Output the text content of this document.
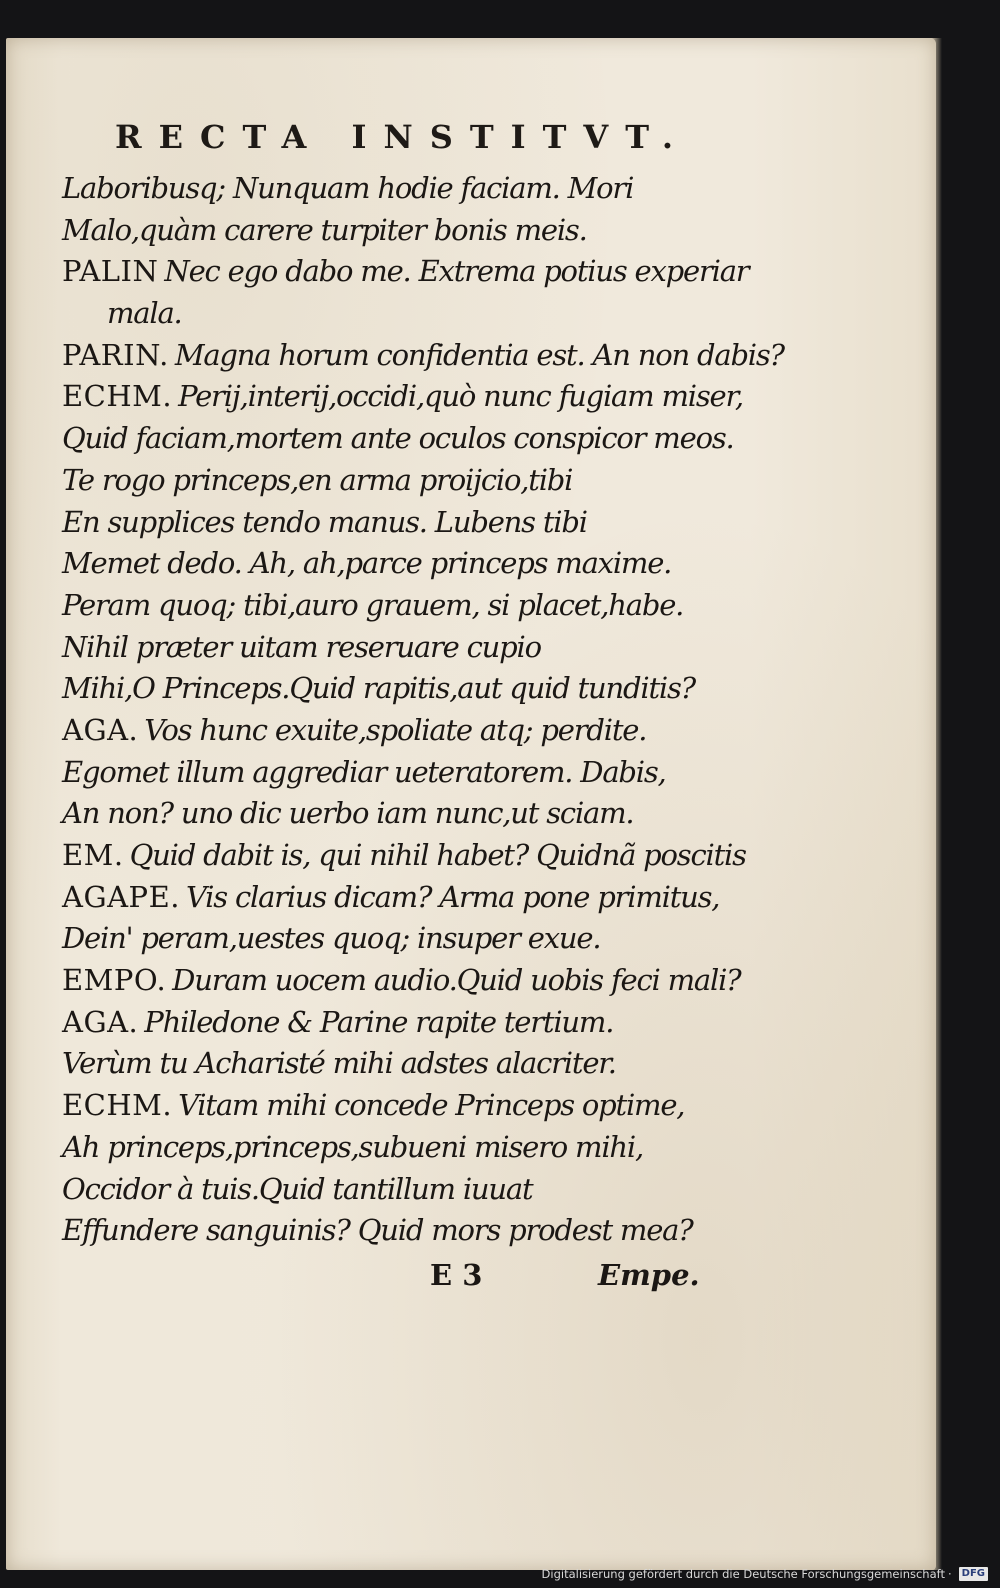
RECTA INSTITVT.
Laboribusq; Nunquam hodie faciam. Mori
Malo,quàm carere turpiter bonis meis.
PALIN Nec ego dabo me. Extrema potius experiar
mala.
PARIN. Magna horum confidentia est. An non dabis?
ECHM. Perij,interij,occidi,quò nunc fugiam miser,
Quid faciam,mortem ante oculos conspicor meos.
Te rogo princeps,en arma proijcio,tibi
En supplices tendo manus. Lubens tibi
Memet dedo. Ah, ah,parce princeps maxime.
Peram quoq; tibi,auro grauem, si placet,habe.
Nihil præter uitam reseruare cupio
Mihi,O Princeps.Quid rapitis,aut quid tunditis?
AGA. Vos hunc exuite,spoliate atq; perdite.
Egomet illum aggrediar ueteratorem. Dabis,
An non? uno dic uerbo iam nunc,ut sciam.
EM. Quid dabit is, qui nihil habet? Quidnã poscitis
AGAPE. Vis clarius dicam? Arma pone primitus,
Dein' peram,uestes quoq; insuper exue.
EMPO. Duram uocem audio.Quid uobis feci mali?
AGA. Philedone & Parine rapite tertium.
Verùm tu Acharisté mihi adstes alacriter.
ECHM. Vitam mihi concede Princeps optime,
Ah princeps,princeps,subueni misero mihi,
Occidor à tuis.Quid tantillum iuuat
Effundere sanguinis? Quid mors prodest mea?
E 3	Empe.
Digitalisierung gefördert durch die Deutsche Forschungsgemeinschaft ·	DFG
